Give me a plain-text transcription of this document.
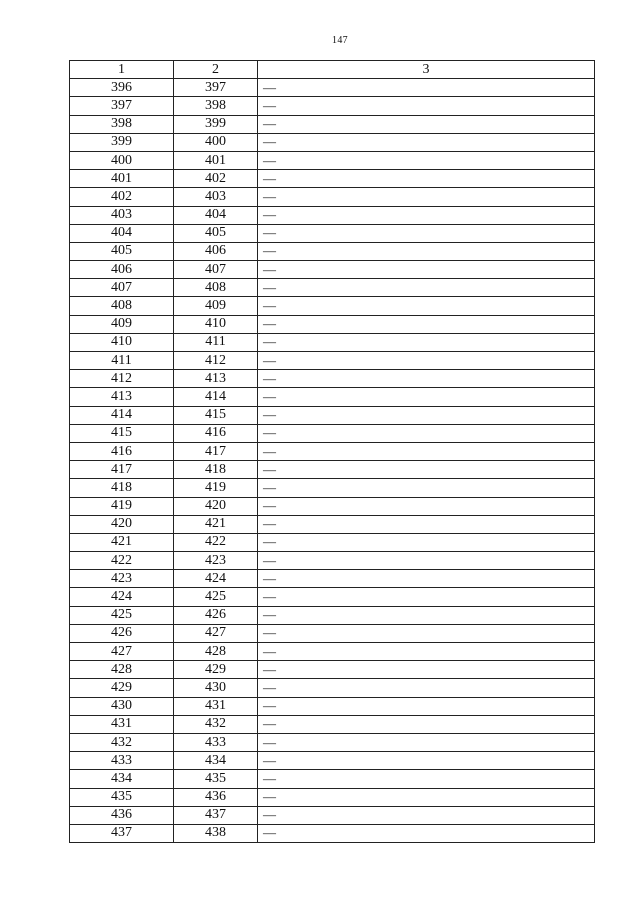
147
1	2	3
396	397	—
397	398	—
398	399	—
399	400	—
400	401	—
401	402	—
402	403	—
403	404	—
404	405	—
405	406	—
406	407	—
407	408	—
408	409	—
409	410	—
410	411	—
411	412	—
412	413	—
413	414	—
414	415	—
415	416	—
416	417	—
417	418	—
418	419	—
419	420	—
420	421	—
421	422	—
422	423	—
423	424	—
424	425	—
425	426	—
426	427	—
427	428	—
428	429	—
429	430	—
430	431	—
431	432	—
432	433	—
433	434	—
434	435	—
435	436	—
436	437	—
437	438	—
